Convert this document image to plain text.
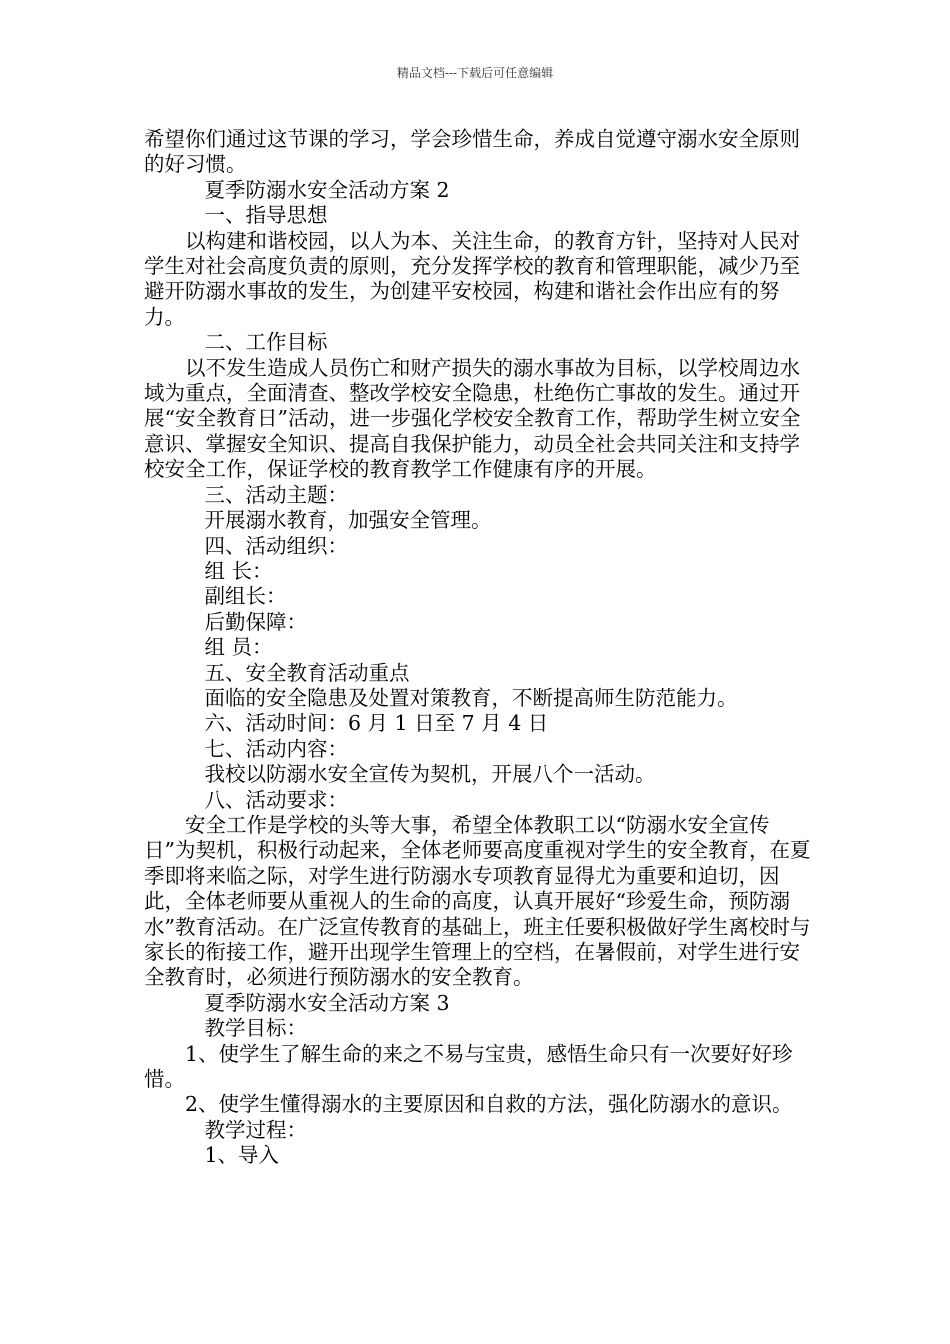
精品文档---下载后可任意编辑

希望你们通过这节课的学习，学会珍惜生命，养成自觉遵守溺水安全原则的好习惯。

夏季防溺水安全活动方案 2

一、指导思想

以构建和谐校园，以人为本、关注生命，的教育方针，坚持对人民对学生对社会高度负责的原则，充分发挥学校的教育和管理职能，减少乃至避开防溺水事故的发生，为创建平安校园，构建和谐社会作出应有的努力。

二、工作目标

以不发生造成人员伤亡和财产损失的溺水事故为目标，以学校周边水域为重点，全面清查、整改学校安全隐患，杜绝伤亡事故的发生。通过开展“安全教育日”活动，进一步强化学校安全教育工作，帮助学生树立安全意识、掌握安全知识、提高自我保护能力，动员全社会共同关注和支持学校安全工作，保证学校的教育教学工作健康有序的开展。

三、活动主题：

开展溺水教育，加强安全管理。

四、活动组织：

组 长：

副组长：

后勤保障：

组 员：

五、安全教育活动重点

面临的安全隐患及处置对策教育，不断提高师生防范能力。

六、活动时间：6 月 1 日至 7 月 4 日

七、活动内容：

我校以防溺水安全宣传为契机，开展八个一活动。

八、活动要求：

安全工作是学校的头等大事，希望全体教职工以“防溺水安全宣传日”为契机，积极行动起来，全体老师要高度重视对学生的安全教育，在夏季即将来临之际，对学生进行防溺水专项教育显得尤为重要和迫切，因此，全体老师要从重视人的生命的高度，认真开展好“珍爱生命，预防溺水”教育活动。在广泛宣传教育的基础上，班主任要积极做好学生离校时与家长的衔接工作，避开出现学生管理上的空档，在暑假前，对学生进行安全教育时，必须进行预防溺水的安全教育。

夏季防溺水安全活动方案 3

教学目标：

1、使学生了解生命的来之不易与宝贵，感悟生命只有一次要好好珍惜。

2、使学生懂得溺水的主要原因和自救的方法，强化防溺水的意识。

教学过程：

1、导入
